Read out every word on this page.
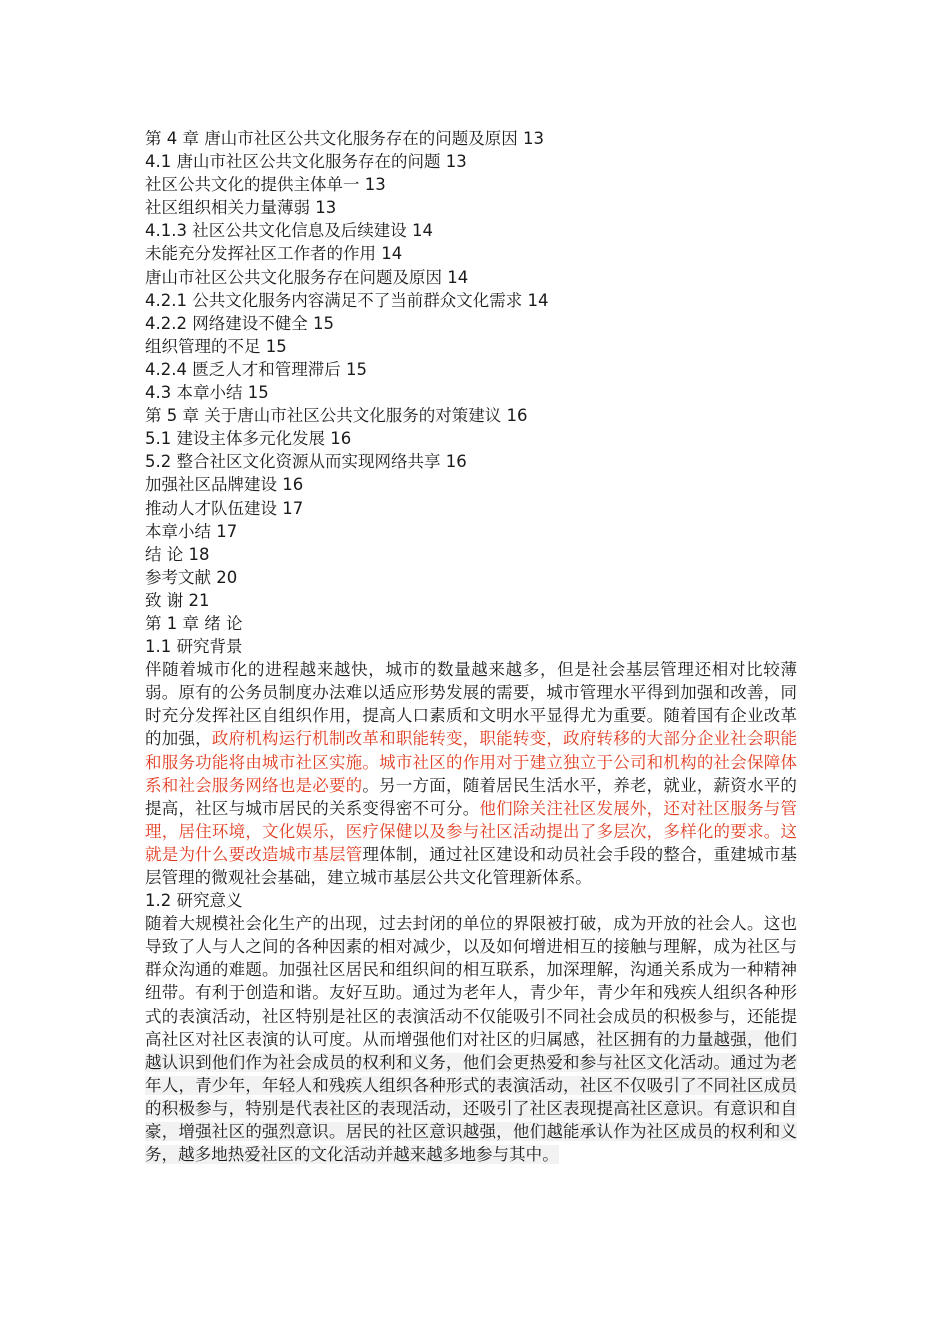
第 4 章 唐山市社区公共文化服务存在的问题及原因 13
4.1 唐山市社区公共文化服务存在的问题 13
社区公共文化的提供主体单一 13
社区组织相关力量薄弱 13
4.1.3 社区公共文化信息及后续建设 14
未能充分发挥社区工作者的作用 14
唐山市社区公共文化服务存在问题及原因 14
4.2.1 公共文化服务内容满足不了当前群众文化需求 14
4.2.2 网络建设不健全 15
组织管理的不足 15
4.2.4 匮乏人才和管理滞后 15
4.3 本章小结 15
第 5 章 关于唐山市社区公共文化服务的对策建议 16
5.1 建设主体多元化发展 16
5.2 整合社区文化资源从而实现网络共享 16
加强社区品牌建设 16
推动人才队伍建设 17
本章小结 17
结 论 18
参考文献 20
致 谢 21
第 1 章 绪 论
1.1 研究背景

伴随着城市化的进程越来越快，城市的数量越来越多，但是社会基层管理还相对比较薄弱。原有的公务员制度办法难以适应形势发展的需要，城市管理水平得到加强和改善，同时充分发挥社区自组织作用，提高人口素质和文明水平显得尤为重要。随着国有企业改革的加强，政府机构运行机制改革和职能转变，职能转变，政府转移的大部分企业社会职能和服务功能将由城市社区实施。城市社区的作用对于建立独立于公司和机构的社会保障体系和社会服务网络也是必要的。另一方面，随着居民生活水平，养老，就业，薪资水平的提高，社区与城市居民的关系变得密不可分。他们除关注社区发展外，还对社区服务与管理，居住环境，文化娱乐，医疗保健以及参与社区活动提出了多层次，多样化的要求。这就是为什么要改造城市基层管理体制，通过社区建设和动员社会手段的整合，重建城市基层管理的微观社会基础，建立城市基层公共文化管理新体系。

1.2 研究意义

随着大规模社会化生产的出现，过去封闭的单位的界限被打破，成为开放的社会人。这也导致了人与人之间的各种因素的相对减少，以及如何增进相互的接触与理解，成为社区与群众沟通的难题。加强社区居民和组织间的相互联系，加深理解，沟通关系成为一种精神纽带。有利于创造和谐。友好互助。通过为老年人，青少年，青少年和残疾人组织各种形式的表演活动，社区特别是社区的表演活动不仅能吸引不同社会成员的积极参与，还能提高社区对社区表演的认可度。从而增强他们对社区的归属感，社区拥有的力量越强，他们越认识到他们作为社会成员的权利和义务，他们会更热爱和参与社区文化活动。通过为老年人，青少年，年轻人和残疾人组织各种形式的表演活动，社区不仅吸引了不同社区成员的积极参与，特别是代表社区的表现活动，还吸引了社区表现提高社区意识。有意识和自豪，增强社区的强烈意识。居民的社区意识越强，他们越能承认作为社区成员的权利和义务，越多地热爱社区的文化活动并越来越多地参与其中。
